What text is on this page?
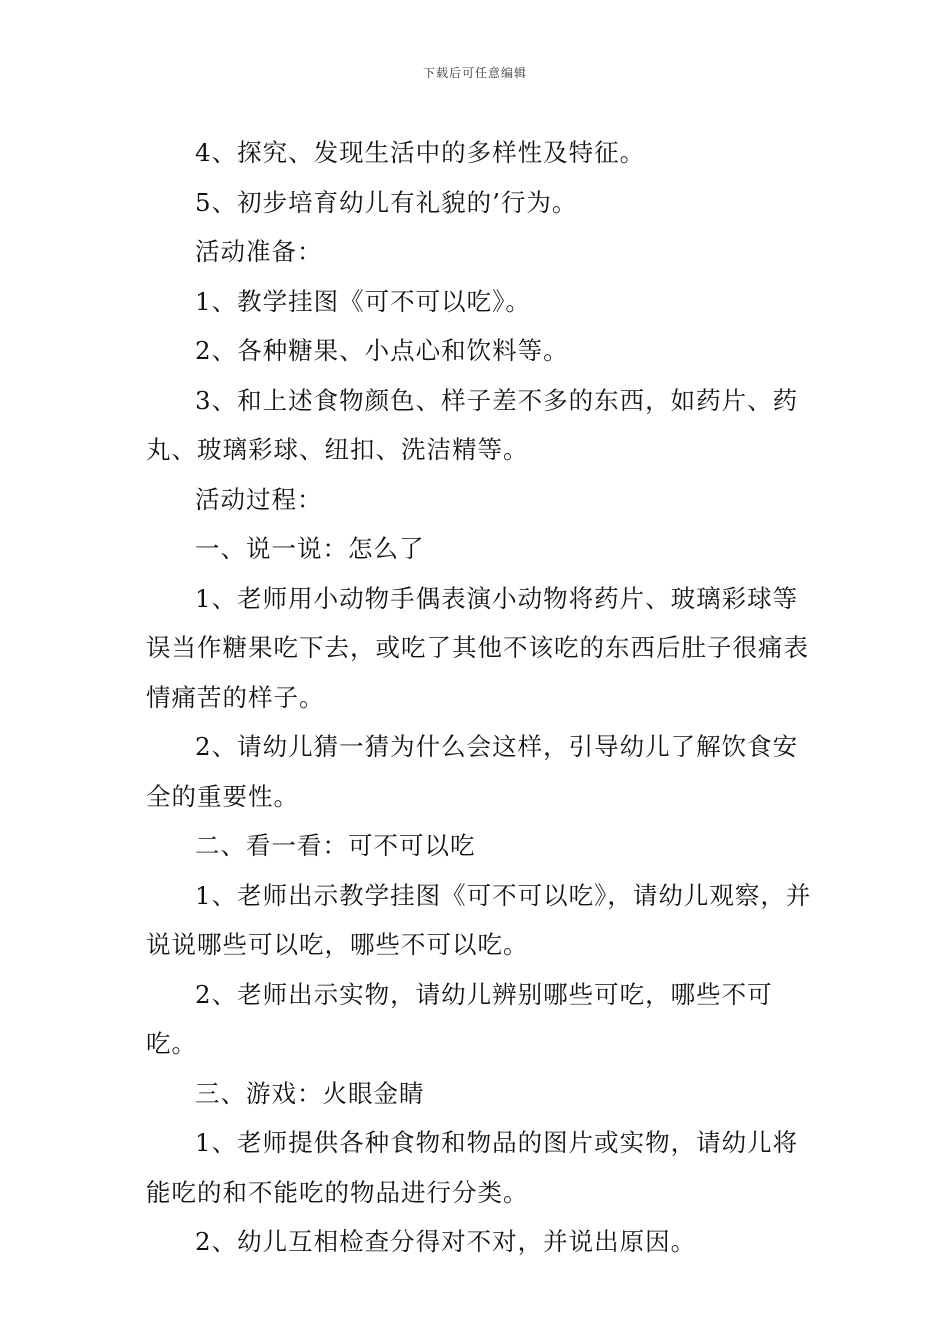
下载后可任意编辑

4、探究、发现生活中的多样性及特征。

5、初步培育幼儿有礼貌的’行为。

活动准备：

1、教学挂图《可不可以吃》。

2、各种糖果、小点心和饮料等。

3、和上述食物颜色、样子差不多的东西，如药片、药丸、玻璃彩球、纽扣、洗洁精等。

活动过程：

一、说一说：怎么了

1、老师用小动物手偶表演小动物将药片、玻璃彩球等误当作糖果吃下去，或吃了其他不该吃的东西后肚子很痛表情痛苦的样子。

2、请幼儿猜一猜为什么会这样，引导幼儿了解饮食安全的重要性。

二、看一看：可不可以吃

1、老师出示教学挂图《可不可以吃》，请幼儿观察，并说说哪些可以吃，哪些不可以吃。

2、老师出示实物，请幼儿辨别哪些可吃，哪些不可吃。

三、游戏：火眼金睛

1、老师提供各种食物和物品的图片或实物，请幼儿将能吃的和不能吃的物品进行分类。

2、幼儿互相检查分得对不对，并说出原因。
